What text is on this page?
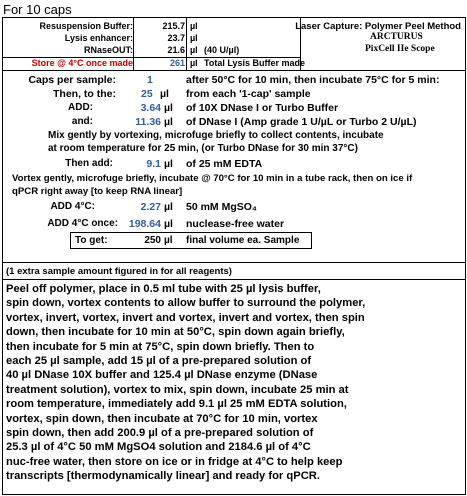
For 10 caps
Resuspension Buffer:	215.7 µl
Lysis enhancer:	23.7 µl
RNaseOUT:	21.6 µl (40 U/µl)
Store @ 4°C once made	261 µl Total Lysis Buffer made
Laser Capture: Polymer Peel Method
ARCTURUS
PixCell IIe Scope
Caps per sample:	1	after 50°C for 10 min, then incubate 75°C for 5 min:
Then, to the: 25 µl from each '1-cap' sample
ADD:	3.64 µl of 10X DNase I or Turbo Buffer
and:	11.36 µl of DNase I (Amp grade 1 U/µL or Turbo 2 U/µL)
Mix gently by vortexing, microfuge briefly to collect contents, incubate
at room temperature for 25 min, (or Turbo DNase for 30 min 37°C)
Then add:	9.1 µl of 25 mM EDTA
Vortex gently, microfuge briefly, incubate @ 70°C for 10 min in a tube rack, then on ice if
qPCR right away [to keep RNA linear]
ADD 4°C:	2.27 µl 50 mM MgSO₄
ADD 4°C once: 198.64 µl nuclease-free water
To get:	250 µl final volume ea. Sample
(1 extra sample amount figured in for all reagents)
Peel off polymer, place in 0.5 ml tube with 25 µl lysis buffer,
spin down, vortex contents to allow buffer to surround the polymer,
vortex, invert, vortex, invert and vortex, invert and vortex, then spin
down, then incubate for 10 min at 50°C, spin down again briefly,
then incubate for 5 min at 75°C, spin down briefly. Then to
each 25 µl sample, add 15 µl of a pre-prepared solution of
40 µl DNase 10X buffer and 125.4 µl DNase enzyme (DNase
treatment solution), vortex to mix, spin down, incubate 25 min at
room temperature, immediately add 9.1 µl 25 mM EDTA solution,
vortex, spin down, then incubate at 70°C for 10 min, vortex
spin down, then add 200.9 µl of a pre-prepared solution of
25.3 µl of 4°C 50 mM MgSO4 solution and 2184.6 µl of 4°C
nuc-free water, then store on ice or in fridge at 4°C to help keep
transcripts [thermodynamically linear] and ready for qPCR.
